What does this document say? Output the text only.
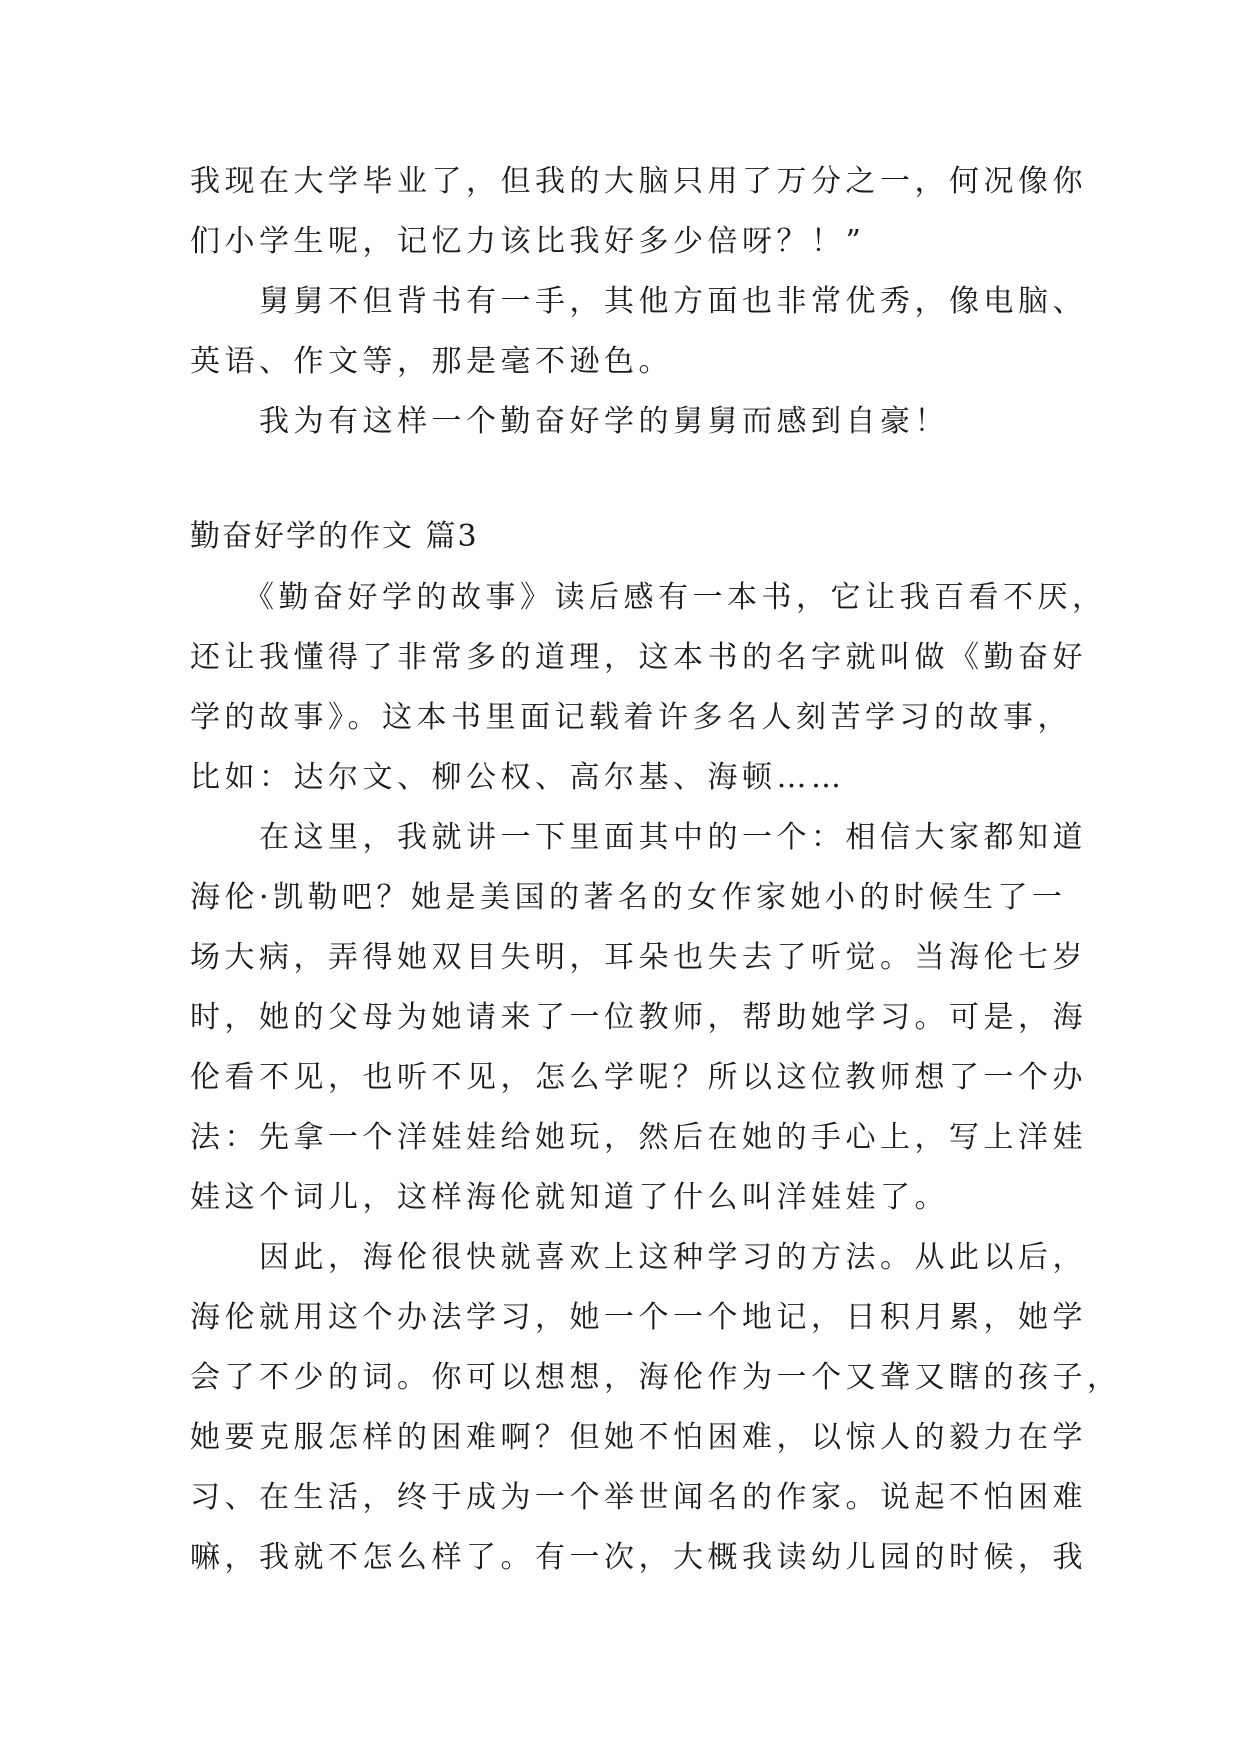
我现在大学毕业了，但我的大脑只用了万分之一，何况像你
们小学生呢，记忆力该比我好多少倍呀？！”
　　舅舅不但背书有一手，其他方面也非常优秀，像电脑、
英语、作文等，那是毫不逊色。
　　我为有这样一个勤奋好学的舅舅而感到自豪！
勤奋好学的作文 篇3
　　《勤奋好学的故事》读后感有一本书，它让我百看不厌，
还让我懂得了非常多的道理，这本书的名字就叫做《勤奋好
学的故事》。这本书里面记载着许多名人刻苦学习的故事，
比如：达尔文、柳公权、高尔基、海顿……
　　在这里，我就讲一下里面其中的一个：相信大家都知道
海伦·凯勒吧？她是美国的著名的女作家她小的时候生了一
场大病，弄得她双目失明，耳朵也失去了听觉。当海伦七岁
时，她的父母为她请来了一位教师，帮助她学习。可是，海
伦看不见，也听不见，怎么学呢？所以这位教师想了一个办
法：先拿一个洋娃娃给她玩，然后在她的手心上，写上洋娃
娃这个词儿，这样海伦就知道了什么叫洋娃娃了。
　　因此，海伦很快就喜欢上这种学习的方法。从此以后，
海伦就用这个办法学习，她一个一个地记，日积月累，她学
会了不少的词。你可以想想，海伦作为一个又聋又瞎的孩子，
她要克服怎样的困难啊？但她不怕困难，以惊人的毅力在学
习、在生活，终于成为一个举世闻名的作家。说起不怕困难
嘛，我就不怎么样了。有一次，大概我读幼儿园的时候，我
